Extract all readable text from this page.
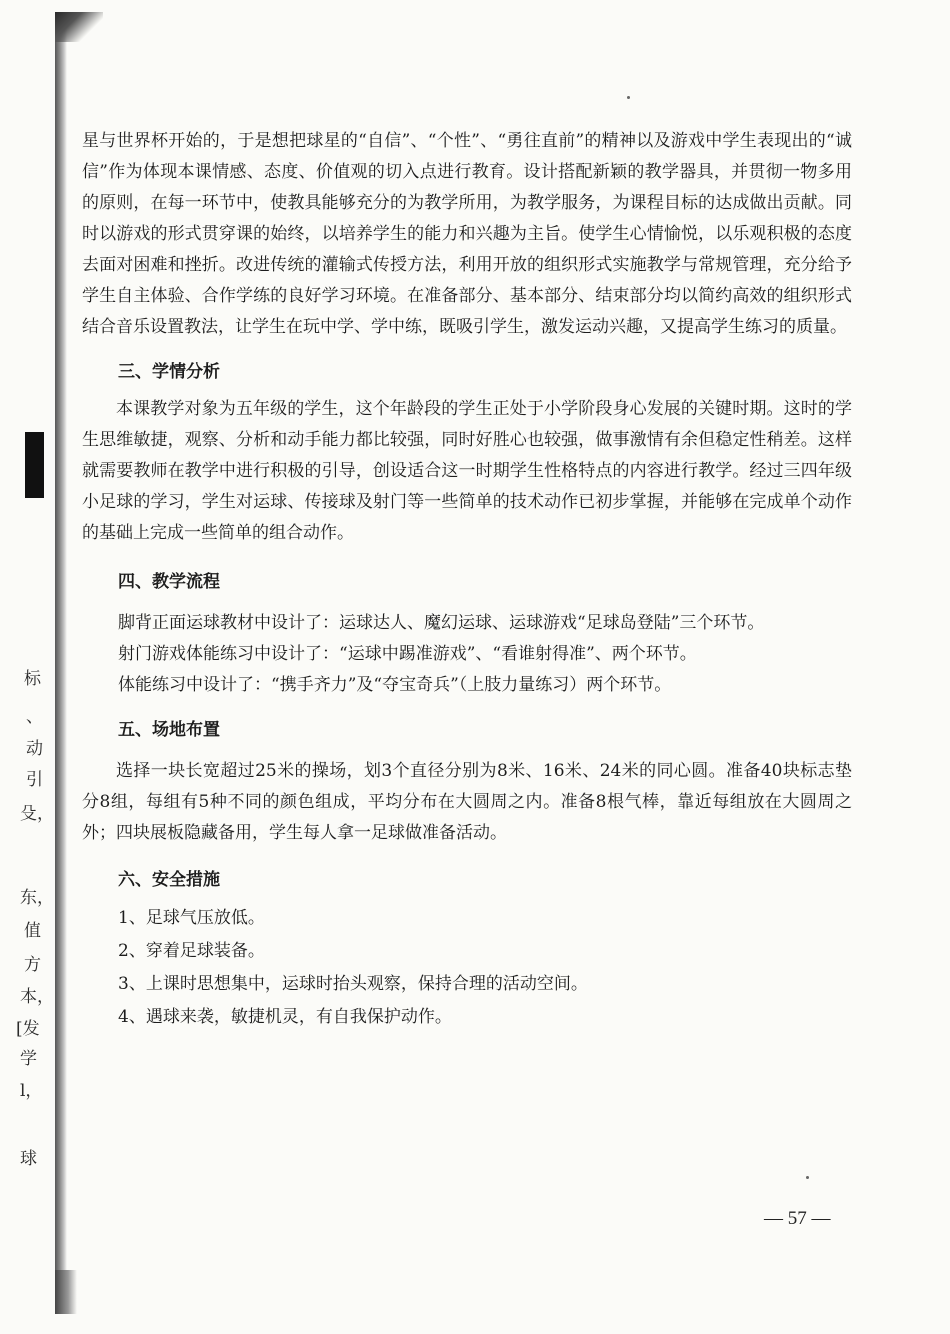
标
、
动
引
殳，
东，
值
方
本，
[发
学
l，
球

星与世界杯开始的，于是想把球星的“自信”、“个性”、“勇往直前”的精神以及游戏中学生表现出的“诚信”作为体现本课情感、态度、价值观的切入点进行教育。设计搭配新颖的教学器具，并贯彻一物多用的原则，在每一环节中，使教具能够充分的为教学所用，为教学服务，为课程目标的达成做出贡献。同时以游戏的形式贯穿课的始终，以培养学生的能力和兴趣为主旨。使学生心情愉悦，以乐观积极的态度去面对困难和挫折。改进传统的灌输式传授方法，利用开放的组织形式实施教学与常规管理，充分给予学生自主体验、合作学练的良好学习环境。在准备部分、基本部分、结束部分均以简约高效的组织形式结合音乐设置教法，让学生在玩中学、学中练，既吸引学生，激发运动兴趣，又提高学生练习的质量。

三、学情分析

本课教学对象为五年级的学生，这个年龄段的学生正处于小学阶段身心发展的关键时期。这时的学生思维敏捷，观察、分析和动手能力都比较强，同时好胜心也较强，做事激情有余但稳定性稍差。这样就需要教师在教学中进行积极的引导，创设适合这一时期学生性格特点的内容进行教学。经过三四年级小足球的学习，学生对运球、传接球及射门等一些简单的技术动作已初步掌握，并能够在完成单个动作的基础上完成一些简单的组合动作。

四、教学流程

脚背正面运球教材中设计了：运球达人、魔幻运球、运球游戏“足球岛登陆”三个环节。

射门游戏体能练习中设计了：“运球中踢准游戏”、“看谁射得准”、两个环节。

体能练习中设计了：“携手齐力”及“夺宝奇兵”（上肢力量练习）两个环节。

五、场地布置

选择一块长宽超过25米的操场，划3个直径分别为8米、16米、24米的同心圆。准备40块标志垫分8组，每组有5种不同的颜色组成，平均分布在大圆周之内。准备8根气棒，靠近每组放在大圆周之外；四块展板隐藏备用，学生每人拿一足球做准备活动。

六、安全措施

1、足球气压放低。

2、穿着足球装备。

3、上课时思想集中，运球时抬头观察，保持合理的活动空间。

4、遇球来袭，敏捷机灵，有自我保护动作。

— 57 —
